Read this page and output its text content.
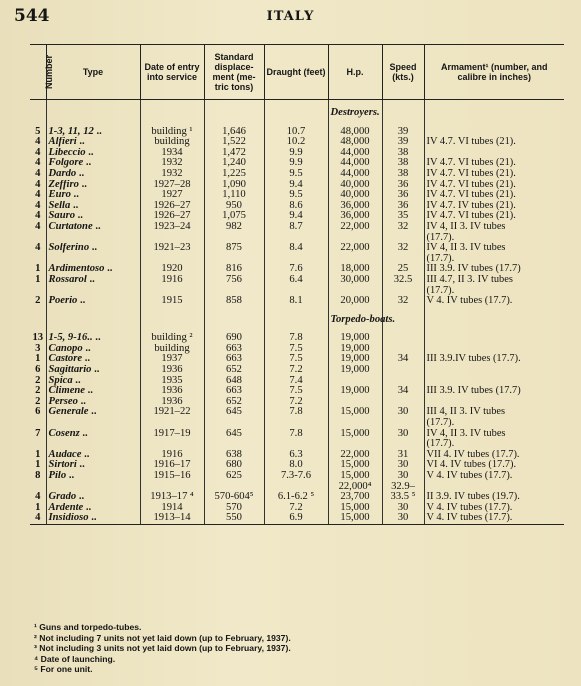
544	ITALY
Number	Type	Date of entry into service	Standard displace-ment (me-tric tons)	Draught (feet)	H.p.	Speed (kts.)	Armament¹ (number, and calibre in inches)

					Destroyers.		

5	1-3, 11, 12 ..	building ¹	1,646	10.7	48,000	39	
4	Alfieri ..	building	1,522	10.2	48,000	39	IV 4.7. VI tubes (21).
4	Libeccio ..	1934	1,472	9.9	44,000	38	
4	Folgore ..	1932	1,240	9.9	44,000	38	IV 4.7. VI tubes (21).
4	Dardo ..	1932	1,225	9.5	44,000	38	IV 4.7. VI tubes (21).
4	Zeffiro ..	1927–28	1,090	9.4	40,000	36	IV 4.7. VI tubes (21).
4	Euro ..	1927	1,110	9.5	40,000	36	IV 4.7. VI tubes (21).
4	Sella ..	1926–27	950	8.6	36,000	36	IV 4.7. IV tubes (21).
4	Sauro ..	1926–27	1,075	9.4	36,000	35	IV 4.7. VI tubes (21).
4	Curtatone ..	1923–24	982	8.7	22,000	32	IV 4, II 3. IV tubes
							(17.7).
4	Solferino ..	1921–23	875	8.4	22,000	32	IV 4, II 3. IV tubes
							(17.7).
1	Ardimentoso ..	1920	816	7.6	18,000	25	III 3.9. IV tubes (17.7)
1	Rossarol ..	1916	756	6.4	30,000	32.5	III 4.7, II 3. IV tubes
							(17.7).
2	Poerio ..	1915	858	8.1	20,000	32	V 4. IV tubes (17.7).

					Torpedo-boats.		

13	1-5, 9-16.. ..	building ²	690	7.8	19,000		
3	Canopo ..	building	663	7.5	19,000		
1	Castore ..	1937	663	7.5	19,000	34	III 3.9.IV tubes (17.7).
6	Sagittario ..	1936	652	7.2	19,000		
2	Spica ..	1935	648	7.4			
2	Climene ..	1936	663	7.5	19,000	34	III 3.9. IV tubes (17.7)
2	Perseo ..	1936	652	7.2			
6	Generale ..	1921–22	645	7.8	15,000	30	III 4, II 3. IV tubes
							(17.7).
7	Cosenz ..	1917–19	645	7.8	15,000	30	IV 4, II 3. IV tubes
							(17.7).
1	Audace ..	1916	638	6.3	22,000	31	VII 4. IV tubes (17.7).
1	Sirtori ..	1916–17	680	8.0	15,000	30	VI 4. IV tubes (17.7).
8	Pilo ..	1915–16	625	7.3-7.6	15,000	30	V 4. IV tubes (17.7).
					22,000⁴	32.9–	
4	Grado ..	1913–17 ⁴	570-604⁵	6.1-6.2 ⁵	23,700	33.5 ⁵	II 3.9. IV tubes (19.7).
1	Ardente ..	1914	570	7.2	15,000	30	V 4. IV tubes (17.7).
4	Insidioso ..	1913–14	550	6.9	15,000	30	V 4. IV tubes (17.7).
¹ Guns and torpedo-tubes.
² Not including 7 units not yet laid down (up to February, 1937).
³ Not including 3 units not yet laid down (up to February, 1937).
⁴ Date of launching.
⁵ For one unit.
